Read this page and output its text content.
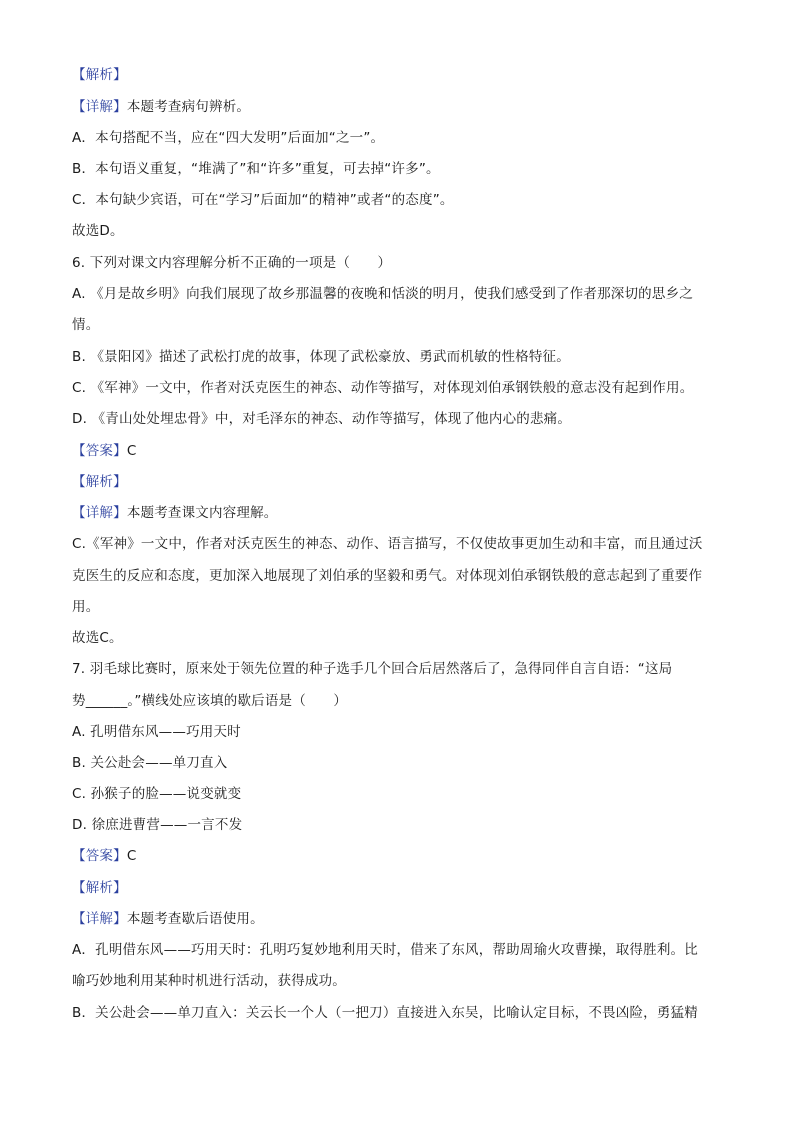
【解析】
【详解】本题考查病句辨析。
A．本句搭配不当，应在“四大发明”后面加“之一”。
B．本句语义重复，“堆满了”和“许多”重复，可去掉“许多”。
C．本句缺少宾语，可在“学习”后面加“的精神”或者“的态度”。
故选D。
6. 下列对课文内容理解分析不正确的一项是（　　）
A. 《月是故乡明》向我们展现了故乡那温馨的夜晚和恬淡的明月，使我们感受到了作者那深切的思乡之
情。
B. 《景阳冈》描述了武松打虎的故事，体现了武松豪放、勇武而机敏的性格特征。
C. 《军神》一文中，作者对沃克医生的神态、动作等描写，对体现刘伯承钢铁般的意志没有起到作用。
D. 《青山处处埋忠骨》中，对毛泽东的神态、动作等描写，体现了他内心的悲痛。
【答案】C
【解析】
【详解】本题考查课文内容理解。
C.《军神》一文中，作者对沃克医生的神态、动作、语言描写，不仅使故事更加生动和丰富，而且通过沃
克医生的反应和态度，更加深入地展现了刘伯承的坚毅和勇气。对体现刘伯承钢铁般的意志起到了重要作
用。
故选C。
7. 羽毛球比赛时，原来处于领先位置的种子选手几个回合后居然落后了，急得同伴自言自语：“这局
势______。”横线处应该填的歇后语是（　　）
A. 孔明借东风——巧用天时
B. 关公赴会——单刀直入
C. 孙猴子的脸——说变就变
D. 徐庶进曹营——一言不发
【答案】C
【解析】
【详解】本题考查歇后语使用。
A．孔明借东风——巧用天时：孔明巧复妙地利用天时，借来了东风，帮助周瑜火攻曹操，取得胜利。比
喻巧妙地利用某种时机进行活动，获得成功。
B．关公赴会——单刀直入：关云长一个人（一把刀）直接进入东吴，比喻认定目标，不畏凶险，勇猛精
